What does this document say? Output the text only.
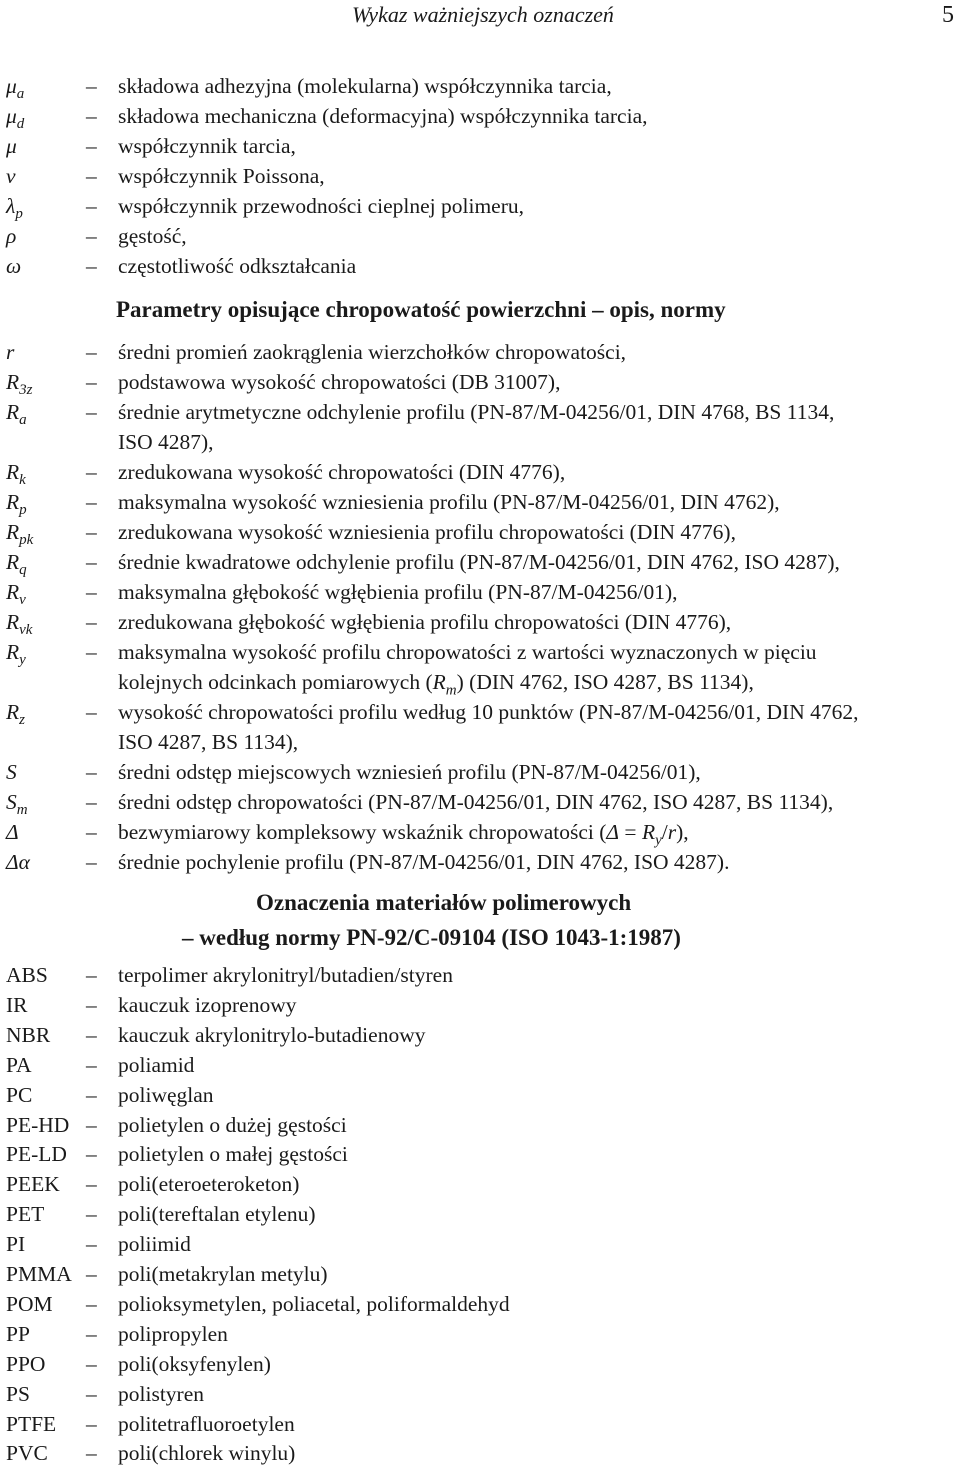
Wykaz ważniejszych oznaczeń	5
$\mu_a$	– składowa adhezyjna (molekularna) współczynnika tarcia,
$\mu_d$	– składowa mechaniczna (deformacyjna) współczynnika tarcia,
μ	– współczynnik tarcia,
ν	– współczynnik Poissona,
$\lambda_p$	– współczynnik przewodności cieplnej polimeru,
ρ	– gęstość,
ω	– częstotliwość odkształcania
Parametry opisujące chropowatość powierzchni – opis, normy
r	– średni promień zaokrąglenia wierzchołków chropowatości,
$R_{3z}$ – podstawowa wysokość chropowatości (DB 31007),
$R_a$	– średnie arytmetyczne odchylenie profilu (PN-87/M-04256/01, DIN 4768, BS 1134,
ISO 4287),
$R_k$	– zredukowana wysokość chropowatości (DIN 4776),
$R_p$	– maksymalna wysokość wzniesienia profilu (PN-87/M-04256/01, DIN 4762),
$R_{pk}$ – zredukowana wysokość wzniesienia profilu chropowatości (DIN 4776),
$R_q$	– średnie kwadratowe odchylenie profilu (PN-87/M-04256/01, DIN 4762, ISO 4287),
$R_v$	– maksymalna głębokość wgłębienia profilu (PN-87/M-04256/01),
$R_{vk}$ – zredukowana głębokość wgłębienia profilu chropowatości (DIN 4776),
$R_y$	– maksymalna wysokość profilu chropowatości z wartości wyznaczonych w pięciu
kolejnych odcinkach pomiarowych $(R_m)$ (DIN 4762, ISO 4287, BS 1134),
$R_z$	– wysokość chropowatości profilu według 10 punktów (PN-87/M-04256/01, DIN 4762,
ISO 4287, BS 1134),
S	– średni odstęp miejscowych wzniesień profilu (PN-87/M-04256/01),
$S_m$	– średni odstęp chropowatości (PN-87/M-04256/01, DIN 4762, ISO 4287, BS 1134),
Δ	– bezwymiarowy kompleksowy wskaźnik chropowatości $(\Delta = R_y/r)$,
Δα	– średnie pochylenie profilu (PN-87/M-04256/01, DIN 4762, ISO 4287).
Oznaczenia materiałów polimerowych
– według normy PN-92/C-09104 (ISO 1043-1:1987)
ABS – terpolimer akrylonitryl/butadien/styren
IR	– kauczuk izoprenowy
NBR – kauczuk akrylonitrylo-butadienowy
PA	– poliamid
PC – poliwęglan
PE-HD – polietylen o dużej gęstości
PE-LD – polietylen o małej gęstości
PEEK – poli(eteroeteroketon)
PET – poli(tereftalan etylenu)
PI	– poliimid
PMMA – poli(metakrylan metylu)
POM – polioksymetylen, poliacetal, poliformaldehyd
PP	– polipropylen
PPO – poli(oksyfenylen)
PS	– polistyren
PTFE – politetrafluoroetylen
PVC – poli(chlorek winylu)
